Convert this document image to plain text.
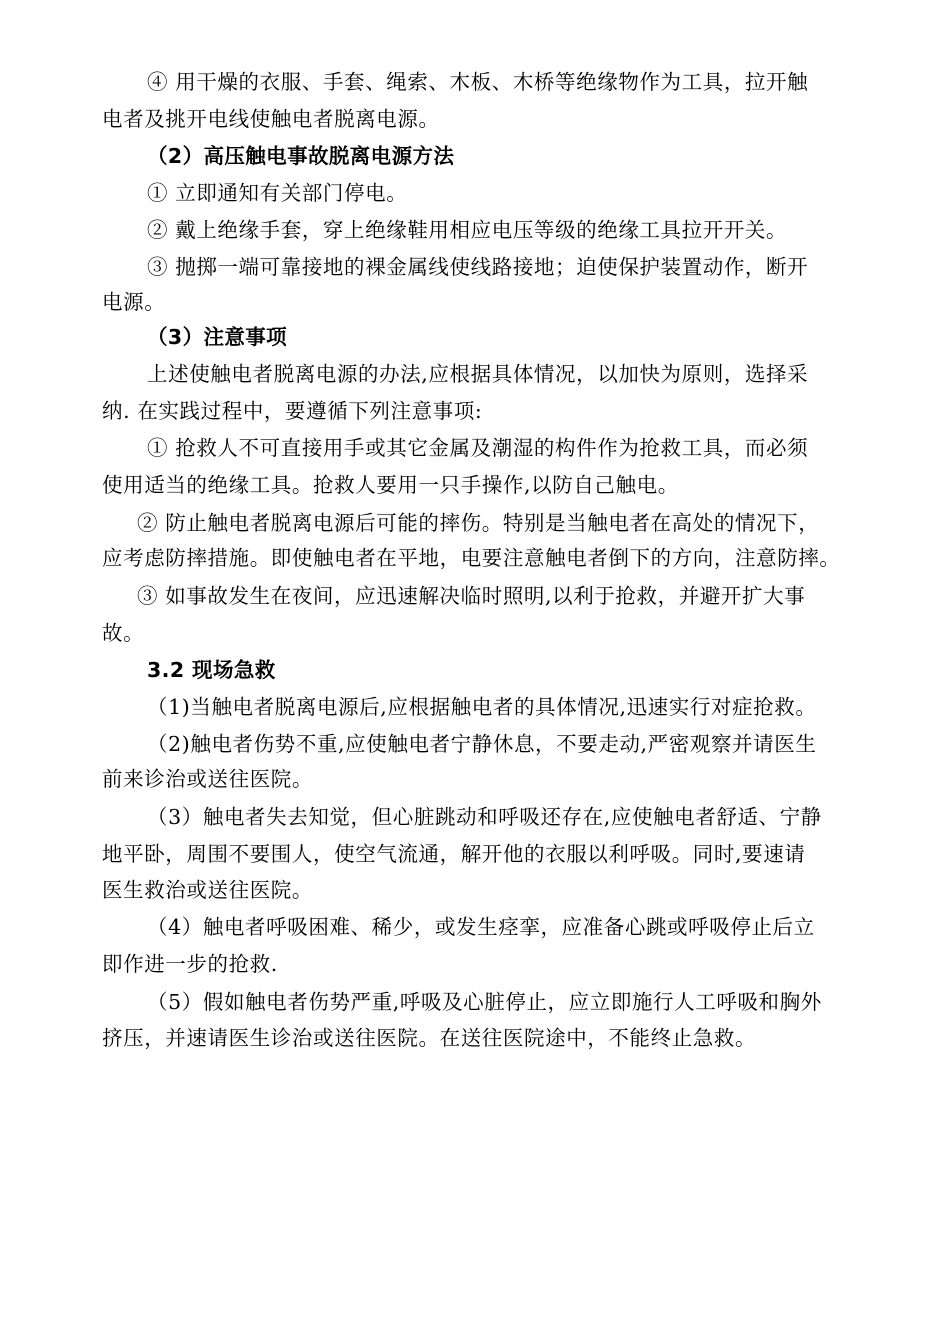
④ 用干燥的衣服、手套、绳索、木板、木桥等绝缘物作为工具，拉开触
电者及挑开电线使触电者脱离电源。
（2）高压触电事故脱离电源方法
① 立即通知有关部门停电。
② 戴上绝缘手套，穿上绝缘鞋用相应电压等级的绝缘工具拉开开关。
③ 抛掷一端可靠接地的裸金属线使线路接地；迫使保护装置动作，断开
电源。
（3）注意事项
上述使触电者脱离电源的办法,应根据具体情况，以加快为原则，选择采
纳. 在实践过程中，要遵循下列注意事项:
① 抢救人不可直接用手或其它金属及潮湿的构件作为抢救工具，而必须
使用适当的绝缘工具。抢救人要用一只手操作,以防自己触电。
② 防止触电者脱离电源后可能的摔伤。特别是当触电者在高处的情况下，
应考虑防摔措施。即使触电者在平地，电要注意触电者倒下的方向，注意防摔。
③ 如事故发生在夜间，应迅速解决临时照明,以利于抢救，并避开扩大事
故。
3.2 现场急救
（1)当触电者脱离电源后,应根据触电者的具体情况,迅速实行对症抢救。
（2)触电者伤势不重,应使触电者宁静休息，不要走动,严密观察并请医生
前来诊治或送往医院。
（3）触电者失去知觉，但心脏跳动和呼吸还存在,应使触电者舒适、宁静
地平卧，周围不要围人，使空气流通，解开他的衣服以利呼吸。同时,要速请
医生救治或送往医院。
（4）触电者呼吸困难、稀少，或发生痉挛，应准备心跳或呼吸停止后立
即作进一步的抢救.
（5）假如触电者伤势严重,呼吸及心脏停止，应立即施行人工呼吸和胸外
挤压，并速请医生诊治或送往医院。在送往医院途中，不能终止急救。
